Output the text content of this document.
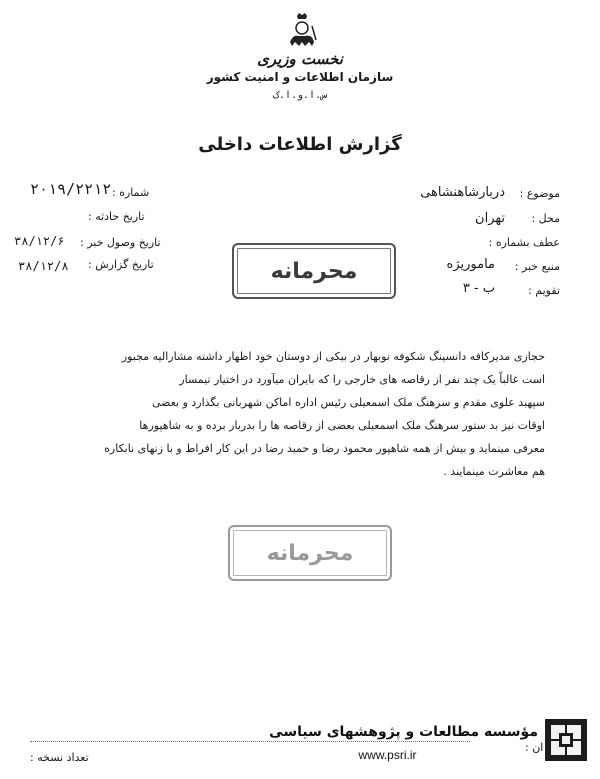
نخست وزیری
سازمان اطلاعات و امنیت کشور
س.ا.و.ا.ک
گزارش اطلاعات داخلی
موضوع :
دربارشاهنشاهی
محل :
تهران
عطف بشماره :
منبع خبر :
ماموریژه
تقویم :
ب - ۳
شماره :
۲۰۱۹/۲۲۱۲
تاریخ حادثه :
تاریخ وصول خبر :
۳۸/۱۲/۶
تاریخ گزارش :
۳۸/۱۲/۸	محرمانه
حجازی مدیرکافه دانسینگ شکوفه نوبهار در بیکی از دوستان خود اظهار داشته مشارالیه مجبور
است غالباً یک چند نفر از رقاصه های خارجی را که بایران میآورد در اختیار تیمسار
سپهبد علوی مقدم و سرهنگ ملک اسمعیلی رئیس اداره اماکن شهربانی بگذارد و بعضی
اوقات نیز بد ستور سرهنگ ملک اسمعیلی بعضی از رقاصه ها را بدربار برده و به شاهپورها
معرفی مینماید و بیش از همه شاهپور محمود رضا و حمید رضا در این کار افراط و با زنهای نابکاره
هم معاشرت مینمایند .
محرمانه
تعداد نسخه :
ان :
مؤسسه مطالعات و پژوهشهای سیاسی
www.psri.ir
